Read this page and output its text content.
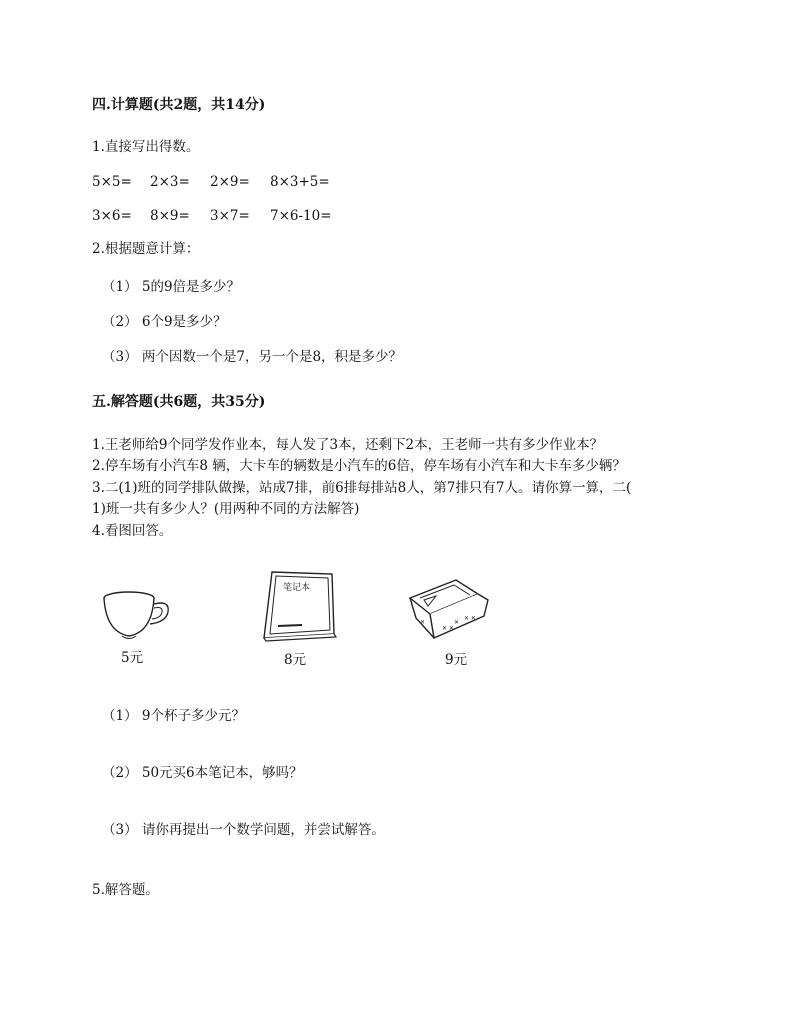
四.计算题(共2题，共14分)
1.直接写出得数。
5×5= 2×3= 2×9= 8×3+5=
3×6= 8×9= 3×7= 7×6-10=
2.根据题意计算：
（1） 5的9倍是多少？
（2） 6个9是多少？
（3） 两个因数一个是7，另一个是8，积是多少？
五.解答题(共6题，共35分)
1.王老师给9个同学发作业本，每人发了3本，还剩下2本，王老师一共有多少作业本？
2.停车场有小汽车8 辆，大卡车的辆数是小汽车的6倍，停车场有小汽车和大卡车多少辆？
3.二(1)班的同学排队做操，站成7排，前6排每排站8人，第7排只有7人。请你算一算，二(
1)班一共有多少人？(用两种不同的方法解答)
4.看图回答。
5元
笔记本
8元
✕ ✕
✕
✕ ✕
✕
9元
（1） 9个杯子多少元？
（2） 50元买6本笔记本，够吗？
（3） 请你再提出一个数学问题，并尝试解答。
5.解答题。
